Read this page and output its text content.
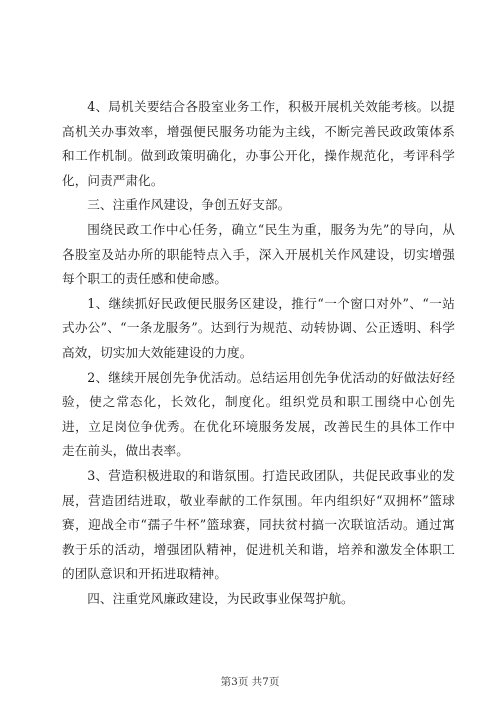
4、局机关要结合各股室业务工作，积极开展机关效能考核。以提高机关办事效率，增强便民服务功能为主线，不断完善民政政策体系和工作机制。做到政策明确化，办事公开化，操作规范化，考评科学化，问责严肃化。

三、注重作风建设，争创五好支部。

围绕民政工作中心任务，确立“民生为重，服务为先”的导向，从各股室及站办所的职能特点入手，深入开展机关作风建设，切实增强每个职工的责任感和使命感。

1、继续抓好民政便民服务区建设，推行“一个窗口对外”、“一站式办公”、“一条龙服务”。达到行为规范、动转协调、公正透明、科学高效，切实加大效能建设的力度。

2、继续开展创先争优活动。总结运用创先争优活动的好做法好经验，使之常态化，长效化，制度化。组织党员和职工围绕中心创先进，立足岗位争优秀。在优化环境服务发展，改善民生的具体工作中走在前头，做出表率。

3、营造积极进取的和谐氛围。打造民政团队，共促民政事业的发展，营造团结进取，敬业奉献的工作氛围。年内组织好“双拥杯”篮球赛，迎战全市“孺子牛杯”篮球赛，同扶贫村搞一次联谊活动。通过寓教于乐的活动，增强团队精神，促进机关和谐，培养和激发全体职工的团队意识和开拓进取精神。

四、注重党风廉政建设，为民政事业保驾护航。

第3页 共7页
